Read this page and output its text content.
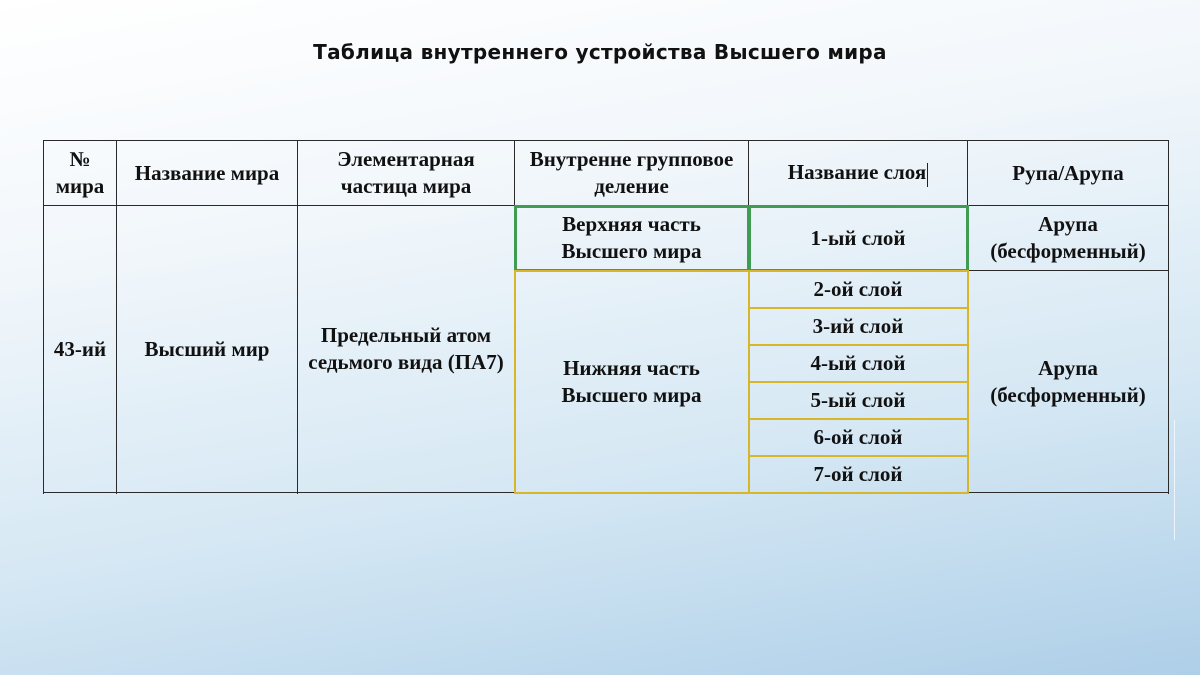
Таблица внутреннего устройства Высшего мира
№ мира	Название мира	Элементарная частица мира	Внутренне групповое деление	Название слоя	Рупа/Арупа
43-ий	Высший мир	Предельный атом седьмого вида (ПА7)	Верхняя часть Высшего мира	1-ый слой	Арупа (бесформенный)
			Нижняя часть Высшего мира	2-ой слой	Арупа (бесформенный)
				3-ий слой	
				4-ый слой	
				5-ый слой	
				6-ой слой	
				7-ой слой	
